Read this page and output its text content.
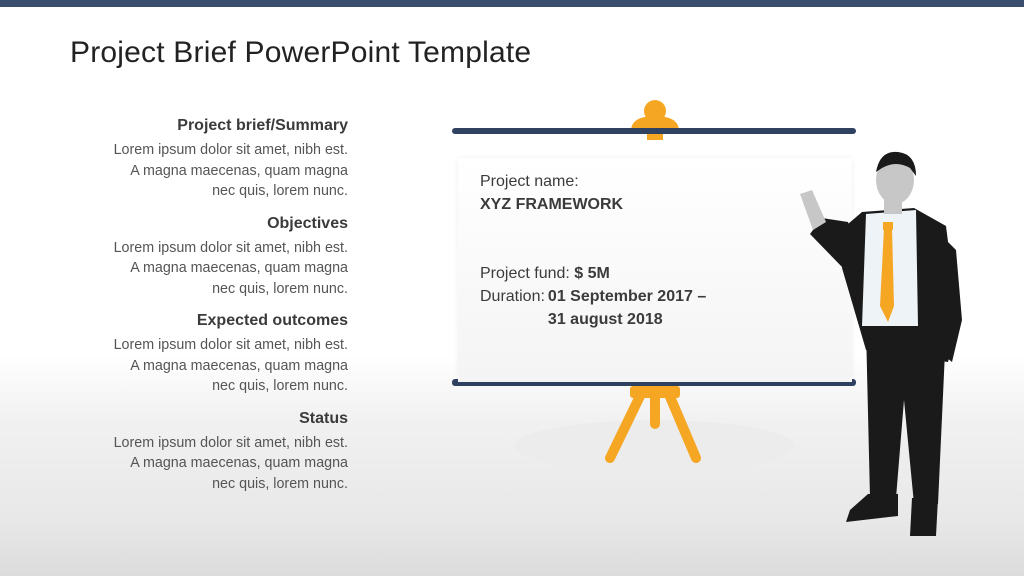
Project Brief PowerPoint Template
Project brief/Summary
Lorem ipsum dolor sit amet, nibh est.
A magna maecenas, quam magna
nec quis, lorem nunc.
Objectives
Lorem ipsum dolor sit amet, nibh est.
A magna maecenas, quam magna
nec quis, lorem nunc.
Expected outcomes
Lorem ipsum dolor sit amet, nibh est.
A magna maecenas, quam magna
nec quis, lorem nunc.
Status
Lorem ipsum dolor sit amet, nibh est.
A magna maecenas, quam magna
nec quis, lorem nunc.
Project name:
XYZ FRAMEWORK
Project fund:
$ 5M
Duration: 01 September 2017 –
31 august 2018
